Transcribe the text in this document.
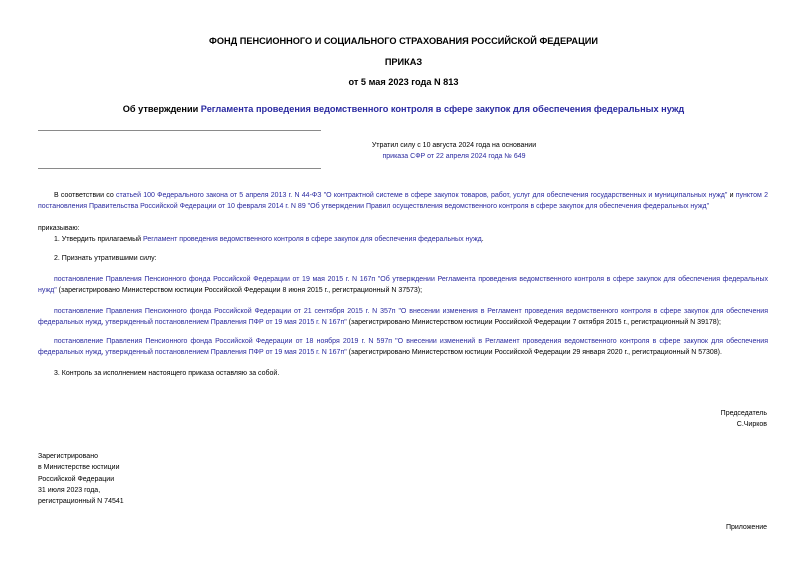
ФОНД ПЕНСИОННОГО И СОЦИАЛЬНОГО СТРАХОВАНИЯ РОССИЙСКОЙ ФЕДЕРАЦИИ
ПРИКАЗ
от 5 мая 2023 года N 813
Об утверждении Регламента проведения ведомственного контроля в сфере закупок для обеспечения федеральных нужд
Утратил силу с 10 августа 2024 года на основании
приказа СФР от 22 апреля 2024 года № 649
В соответствии со статьей 100 Федерального закона от 5 апреля 2013 г. N 44-ФЗ "О контрактной системе в сфере закупок товаров, работ, услуг для обеспечения государственных и муниципальных нужд" и пунктом 2 постановления Правительства Российской Федерации от 10 февраля 2014 г. N 89 "Об утверждении Правил осуществления ведомственного контроля в сфере закупок для обеспечения федеральных нужд"
приказываю:
1. Утвердить прилагаемый Регламент проведения ведомственного контроля в сфере закупок для обеспечения федеральных нужд.
2. Признать утратившими силу:
постановление Правления Пенсионного фонда Российской Федерации от 19 мая 2015 г. N 167п "Об утверждении Регламента проведения ведомственного контроля в сфере закупок для обеспечения федеральных нужд" (зарегистрировано Министерством юстиции Российской Федерации 8 июня 2015 г., регистрационный N 37573);
постановление Правления Пенсионного фонда Российской Федерации от 21 сентября 2015 г. N 357п "О внесении изменения в Регламент проведения ведомственного контроля в сфере закупок для обеспечения федеральных нужд, утвержденный постановлением Правления ПФР от 19 мая 2015 г. N 167п" (зарегистрировано Министерством юстиции Российской Федерации 7 октября 2015 г., регистрационный N 39178);
постановление Правления Пенсионного фонда Российской Федерации от 18 ноября 2019 г. N 597п "О внесении изменений в Регламент проведения ведомственного контроля в сфере закупок для обеспечения федеральных нужд, утвержденный постановлением Правления ПФР от 19 мая 2015 г. N 167п" (зарегистрировано Министерством юстиции Российской Федерации 29 января 2020 г., регистрационный N 57308).
3. Контроль за исполнением настоящего приказа оставляю за собой.
Председатель
С.Чирков
Зарегистрировано
в Министерстве юстиции
Российской Федерации
31 июля 2023 года,
регистрационный N 74541
Приложение
